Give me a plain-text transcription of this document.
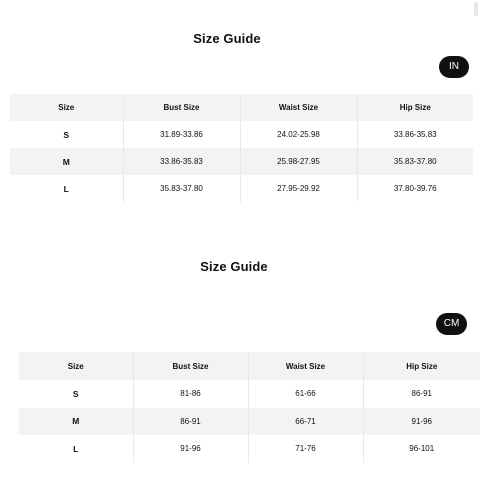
Size Guide
IN
Size	Bust Size	Waist Size	Hip Size
S	31.89-33.86	24.02-25.98	33.86-35.83
M	33.86-35.83	25.98-27.95	35.83-37.80
L	35.83-37.80	27.95-29.92	37.80-39.76
Size Guide
CM
Size	Bust Size	Waist Size	Hip Size
S	81-86	61-66	86-91
M	86-91	66-71	91-96
L	91-96	71-76	96-101
